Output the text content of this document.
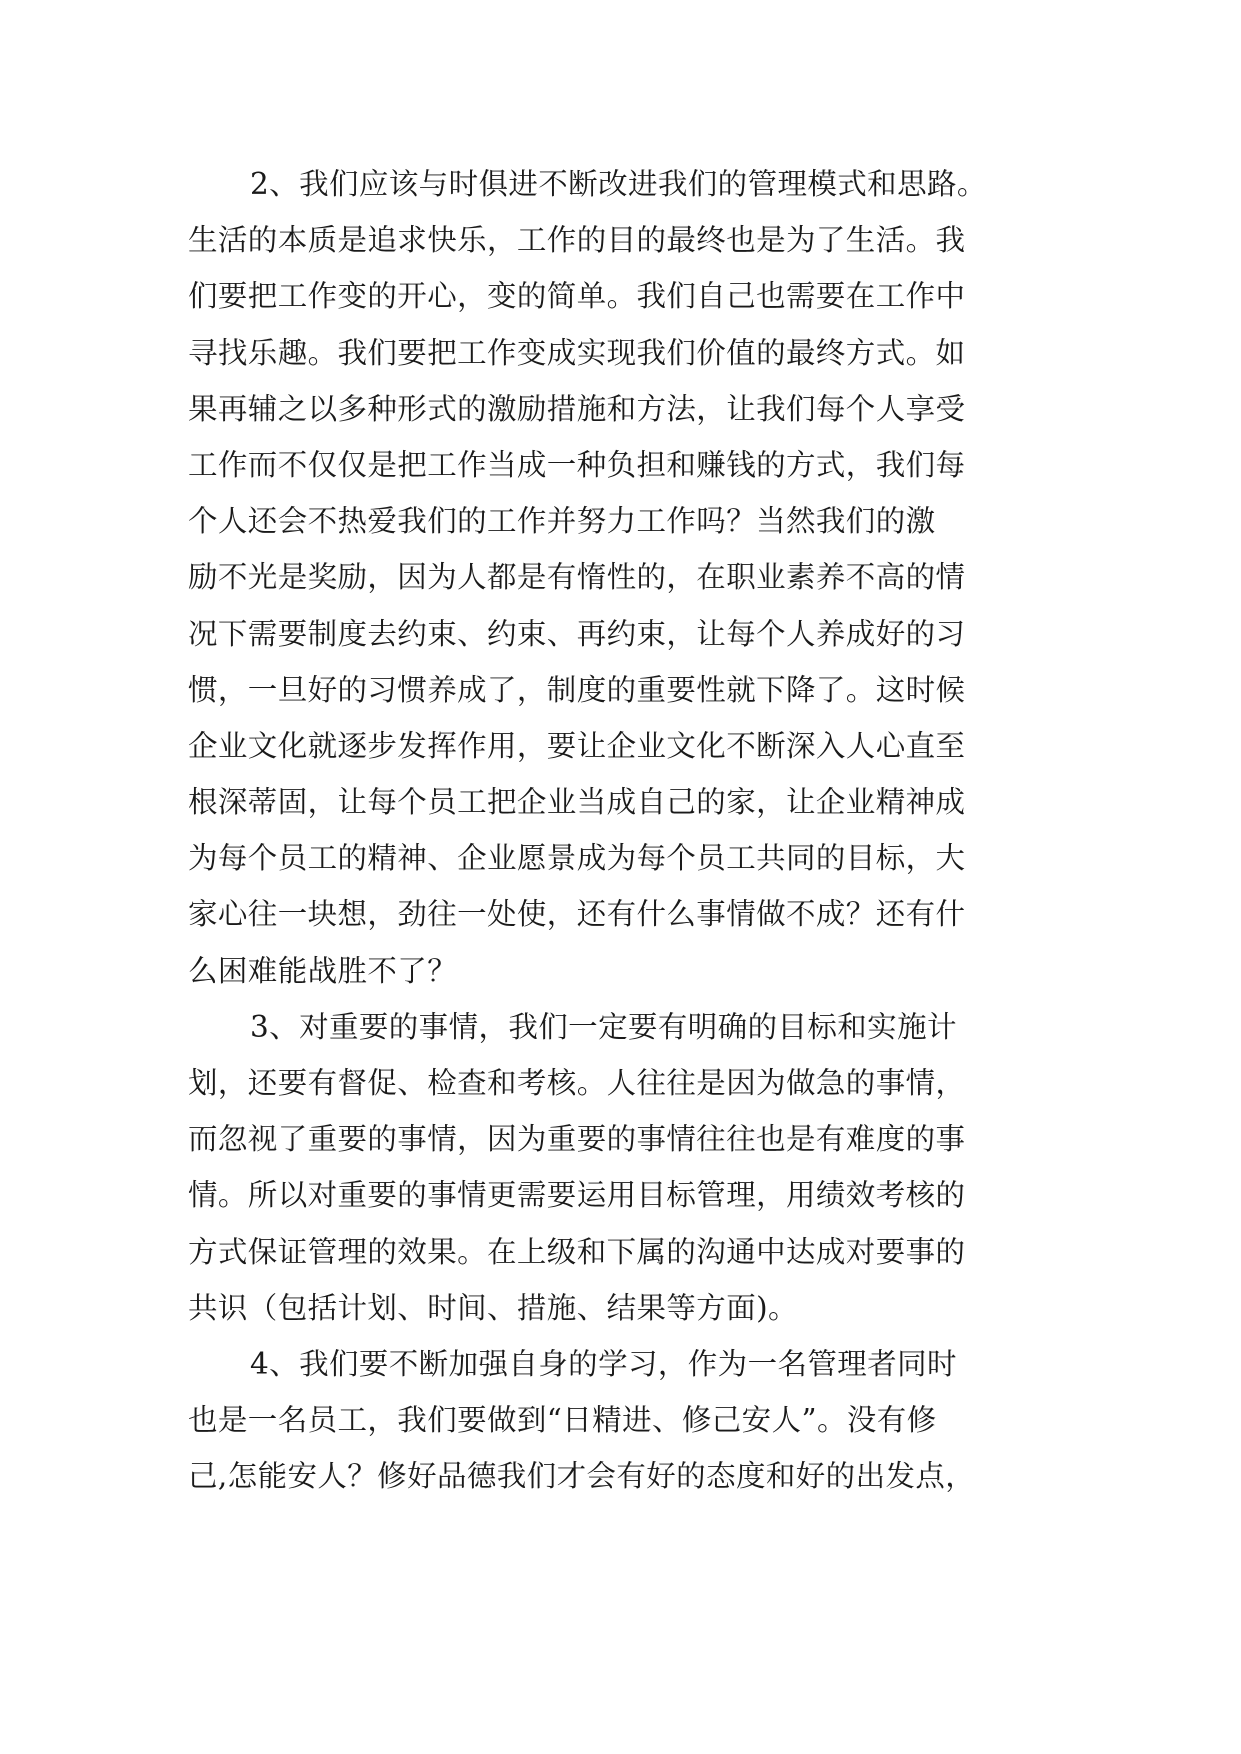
2、我们应该与时俱进不断改进我们的管理模式和思路。
生活的本质是追求快乐，工作的目的最终也是为了生活。我
们要把工作变的开心，变的简单。我们自己也需要在工作中
寻找乐趣。我们要把工作变成实现我们价值的最终方式。如
果再辅之以多种形式的激励措施和方法，让我们每个人享受
工作而不仅仅是把工作当成一种负担和赚钱的方式，我们每
个人还会不热爱我们的工作并努力工作吗？当然我们的激
励不光是奖励，因为人都是有惰性的，在职业素养不高的情
况下需要制度去约束、约束、再约束，让每个人养成好的习
惯，一旦好的习惯养成了，制度的重要性就下降了。这时候
企业文化就逐步发挥作用，要让企业文化不断深入人心直至
根深蒂固，让每个员工把企业当成自己的家，让企业精神成
为每个员工的精神、企业愿景成为每个员工共同的目标，大
家心往一块想，劲往一处使，还有什么事情做不成？还有什
么困难能战胜不了？
3、对重要的事情，我们一定要有明确的目标和实施计
划，还要有督促、检查和考核。人往往是因为做急的事情，
而忽视了重要的事情，因为重要的事情往往也是有难度的事
情。所以对重要的事情更需要运用目标管理，用绩效考核的
方式保证管理的效果。在上级和下属的沟通中达成对要事的
共识（包括计划、时间、措施、结果等方面)。
4、我们要不断加强自身的学习，作为一名管理者同时
也是一名员工，我们要做到“日精进、修己安人”。没有修
己,怎能安人？修好品德我们才会有好的态度和好的出发点，
